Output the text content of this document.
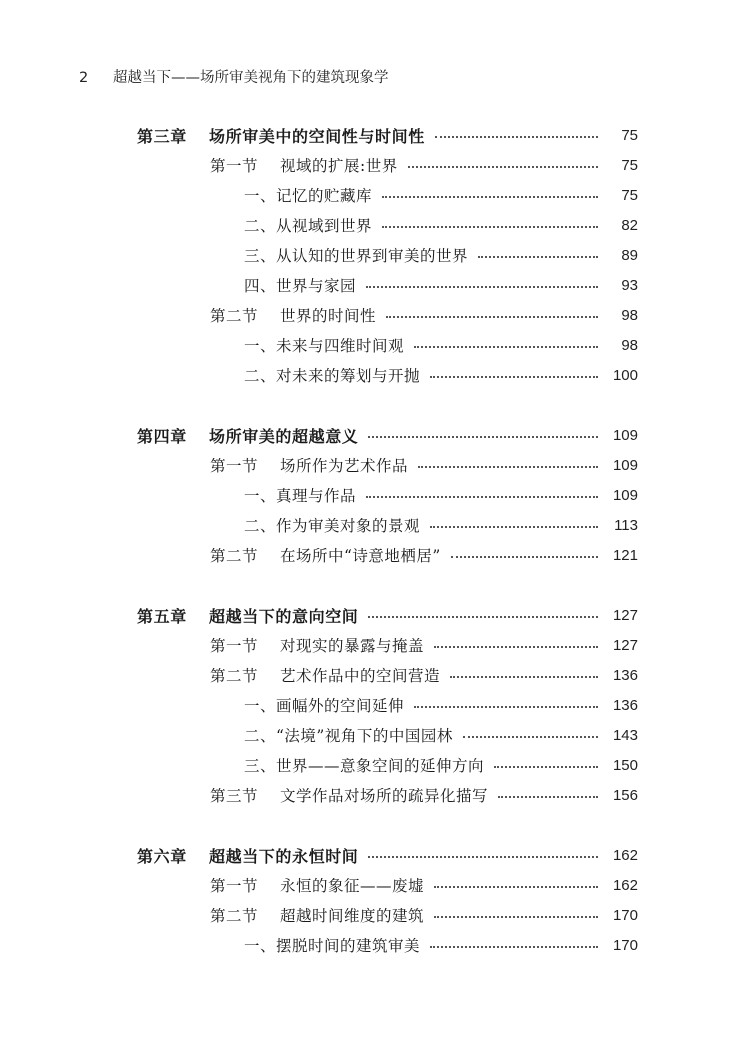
2 超越当下——场所审美视角下的建筑现象学
第三章 场所审美中的空间性与时间性	75
第一节 视域的扩展:世界	75
一、记忆的贮藏库	75
二、从视域到世界	82
三、从认知的世界到审美的世界	89
四、世界与家园	93
第二节 世界的时间性	98
一、未来与四维时间观	98
二、对未来的筹划与开抛	100
第四章 场所审美的超越意义	109
第一节 场所作为艺术作品	109
一、真理与作品	109
二、作为审美对象的景观	113
第二节 在场所中“诗意地栖居”	121
第五章 超越当下的意向空间	127
第一节 对现实的暴露与掩盖	127
第二节 艺术作品中的空间营造	136
一、画幅外的空间延伸	136
二、“法境”视角下的中国园林	143
三、世界——意象空间的延伸方向	150
第三节 文学作品对场所的疏异化描写	156
第六章 超越当下的永恒时间	162
第一节 永恒的象征——废墟	162
第二节 超越时间维度的建筑	170
一、摆脱时间的建筑审美	170
